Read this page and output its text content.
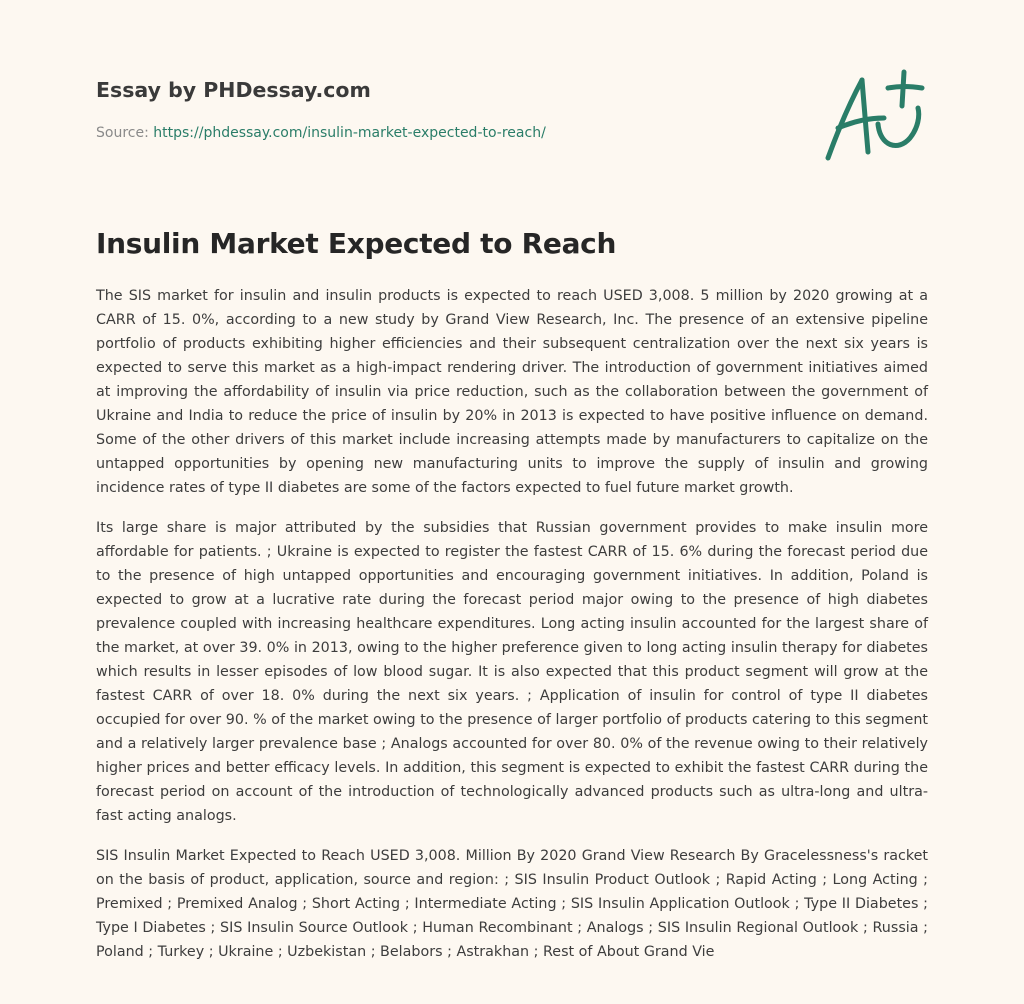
Essay by PHDessay.com
Source: https://phdessay.com/insulin-market-expected-to-reach/
Insulin Market Expected to Reach

The SIS market for insulin and insulin products is expected to reach USED 3,008. 5 million by 2020 growing at a CARR of 15. 0%, according to a new study by Grand View Research, Inc. The presence of an extensive pipeline portfolio of products exhibiting higher efficiencies and their subsequent centralization over the next six years is expected to serve this market as a high-impact rendering driver. The introduction of government initiatives aimed at improving the affordability of insulin via price reduction, such as the collaboration between the government of Ukraine and India to reduce the price of insulin by 20% in 2013 is expected to have positive influence on demand. Some of the other drivers of this market include increasing attempts made by manufacturers to capitalize on the untapped opportunities by opening new manufacturing units to improve the supply of insulin and growing incidence rates of type II diabetes are some of the factors expected to fuel future market growth.

Its large share is major attributed by the subsidies that Russian government provides to make insulin more affordable for patients. ; Ukraine is expected to register the fastest CARR of 15. 6% during the forecast period due to the presence of high untapped opportunities and encouraging government initiatives. In addition, Poland is expected to grow at a lucrative rate during the forecast period major owing to the presence of high diabetes prevalence coupled with increasing healthcare expenditures. Long acting insulin accounted for the largest share of the market, at over 39. 0% in 2013, owing to the higher preference given to long acting insulin therapy for diabetes which results in lesser episodes of low blood sugar. It is also expected that this product segment will grow at the fastest CARR of over 18. 0% during the next six years. ; Application of insulin for control of type II diabetes occupied for over 90. % of the market owing to the presence of larger portfolio of products catering to this segment and a relatively larger prevalence base ; Analogs accounted for over 80. 0% of the revenue owing to their relatively higher prices and better efficacy levels. In addition, this segment is expected to exhibit the fastest CARR during the forecast period on account of the introduction of technologically advanced products such as ultra-long and ultra-fast acting analogs.

SIS Insulin Market Expected to Reach USED 3,008. Million By 2020 Grand View Research By Gracelessness's racket on the basis of product, application, source and region: ; SIS Insulin Product Outlook ; Rapid Acting ; Long Acting ; Premixed ; Premixed Analog ; Short Acting ; Intermediate Acting ; SIS Insulin Application Outlook ; Type II Diabetes ; Type I Diabetes ; SIS Insulin Source Outlook ; Human Recombinant ; Analogs ; SIS Insulin Regional Outlook ; Russia ; Poland ; Turkey ; Ukraine ; Uzbekistan ; Belabors ; Astrakhan ; Rest of About Grand Vie
